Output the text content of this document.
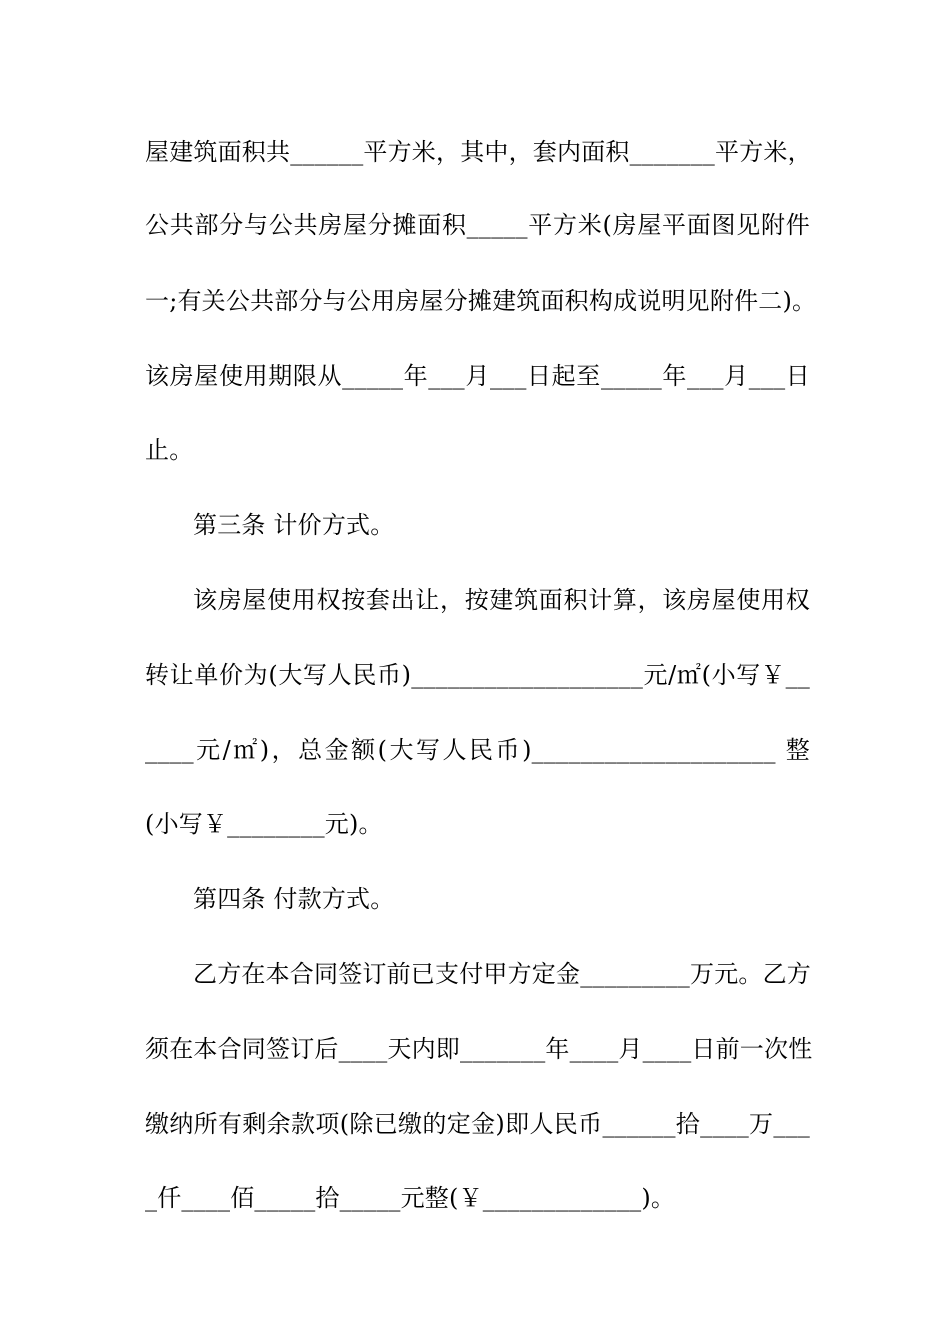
屋建筑面积共______平方米，其中，套内面积_______平方米，
公共部分与公共房屋分摊面积_____平方米(房屋平面图见附件
一;有关公共部分与公用房屋分摊建筑面积构成说明见附件二)。
该房屋使用期限从_____年___月___日起至_____年___月___日
止。
第三条 计价方式。
该房屋使用权按套出让，按建筑面积计算，该房屋使用权
转让单价为(大写人民币)___________________元/㎡(小写￥__
____元/㎡)，总金额(大写人民币)____________________ 整
(小写￥________元)。
第四条 付款方式。
乙方在本合同签订前已支付甲方定金_________万元。乙方
须在本合同签订后____天内即_______年____月____日前一次性
缴纳所有剩余款项(除已缴的定金)即人民币______拾____万___
_仟____佰_____拾_____元整(￥_____________)。
